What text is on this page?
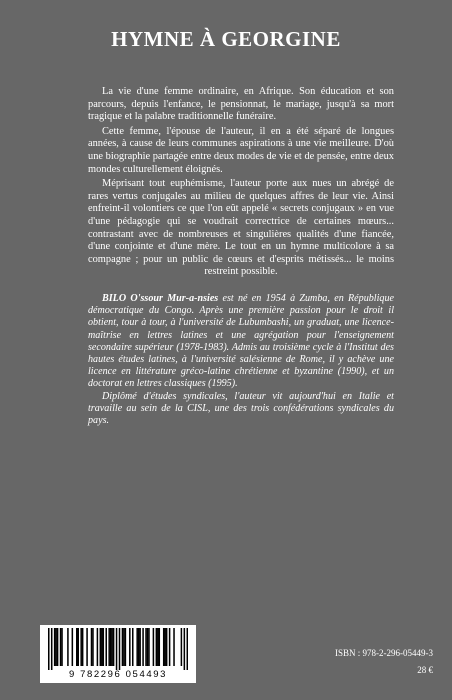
HYMNE À GEORGINE

La vie d'une femme ordinaire, en Afrique. Son éducation et son parcours, depuis l'enfance, le pensionnat, le mariage, jusqu'à sa mort tragique et la palabre traditionnelle funéraire.

Cette femme, l'épouse de l'auteur, il en a été séparé de longues années, à cause de leurs communes aspirations à une vie meilleure. D'où une biographie partagée entre deux modes de vie et de pensée, entre deux mondes culturellement éloignés.

Méprisant tout euphémisme, l'auteur porte aux nues un abrégé de rares vertus conjugales au milieu de quelques affres de leur vie. Ainsi enfreint-il volontiers ce que l'on eût appelé « secrets conjugaux » en vue d'une pédagogie qui se voudrait correctrice de certaines mœurs... contrastant avec de nombreuses et singulières qualités d'une fiancée, d'une conjointe et d'une mère. Le tout en un hymne multicolore à sa compagne ; pour un public de cœurs et d'esprits métissés... le moins restreint possible.

BILO O'ssour Mur-a-nsies est né en 1954 à Zumba, en République démocratique du Congo. Après une première passion pour le droit il obtient, tour à tour, à l'université de Lubumbashi, un graduat, une licence-maîtrise en lettres latines et une agrégation pour l'enseignement secondaire supérieur (1978-1983). Admis au troisième cycle à l'Institut des hautes études latines, à l'université salésienne de Rome, il y achève une licence en littérature gréco-latine chrétienne et byzantine (1990), et un doctorat en lettres classiques (1995).

Diplômé d'études syndicales, l'auteur vit aujourd'hui en Italie et travaille au sein de la CISL, une des trois confédérations syndicales du pays.

9 782296 054493
ISBN : 978-2-296-05449-3
28 €
